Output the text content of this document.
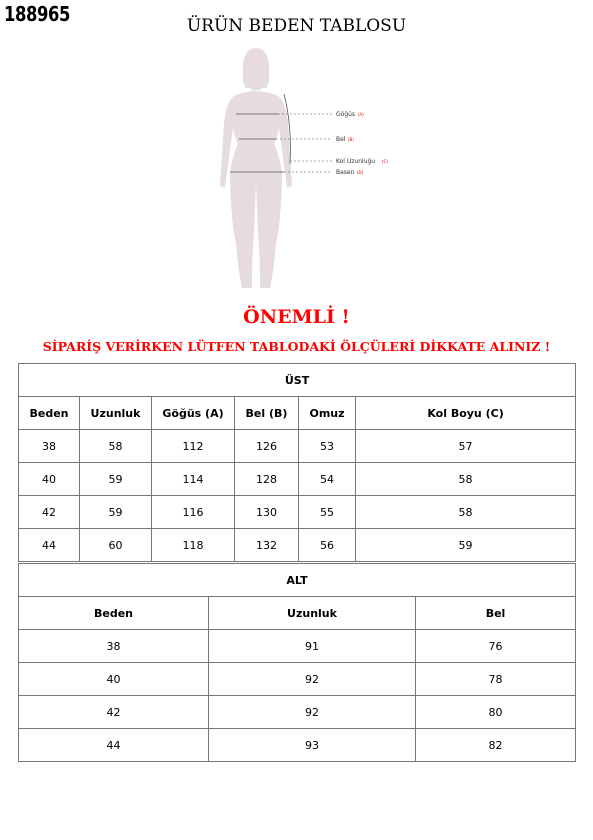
188965	ÜRÜN BEDEN TABLOSU
Göğüs (A)
Bel (B)
Kol Uzunluğu (C)
Basen (D)
ÖNEMLİ !
SİPARİŞ VERİRKEN LÜTFEN TABLODAKİ ÖLÇÜLERİ DİKKATE ALINIZ !
ÜST					
Beden	Uzunluk	Göğüs (A)	Bel (B)	Omuz	Kol Boyu (C)
38	58	112	126	53	57
40	59	114	128	54	58
42	59	116	130	55	58
44	60	118	132	56	59
ALT		
Beden	Uzunluk	Bel
38	91	76
40	92	78
42	92	80
44	93	82
